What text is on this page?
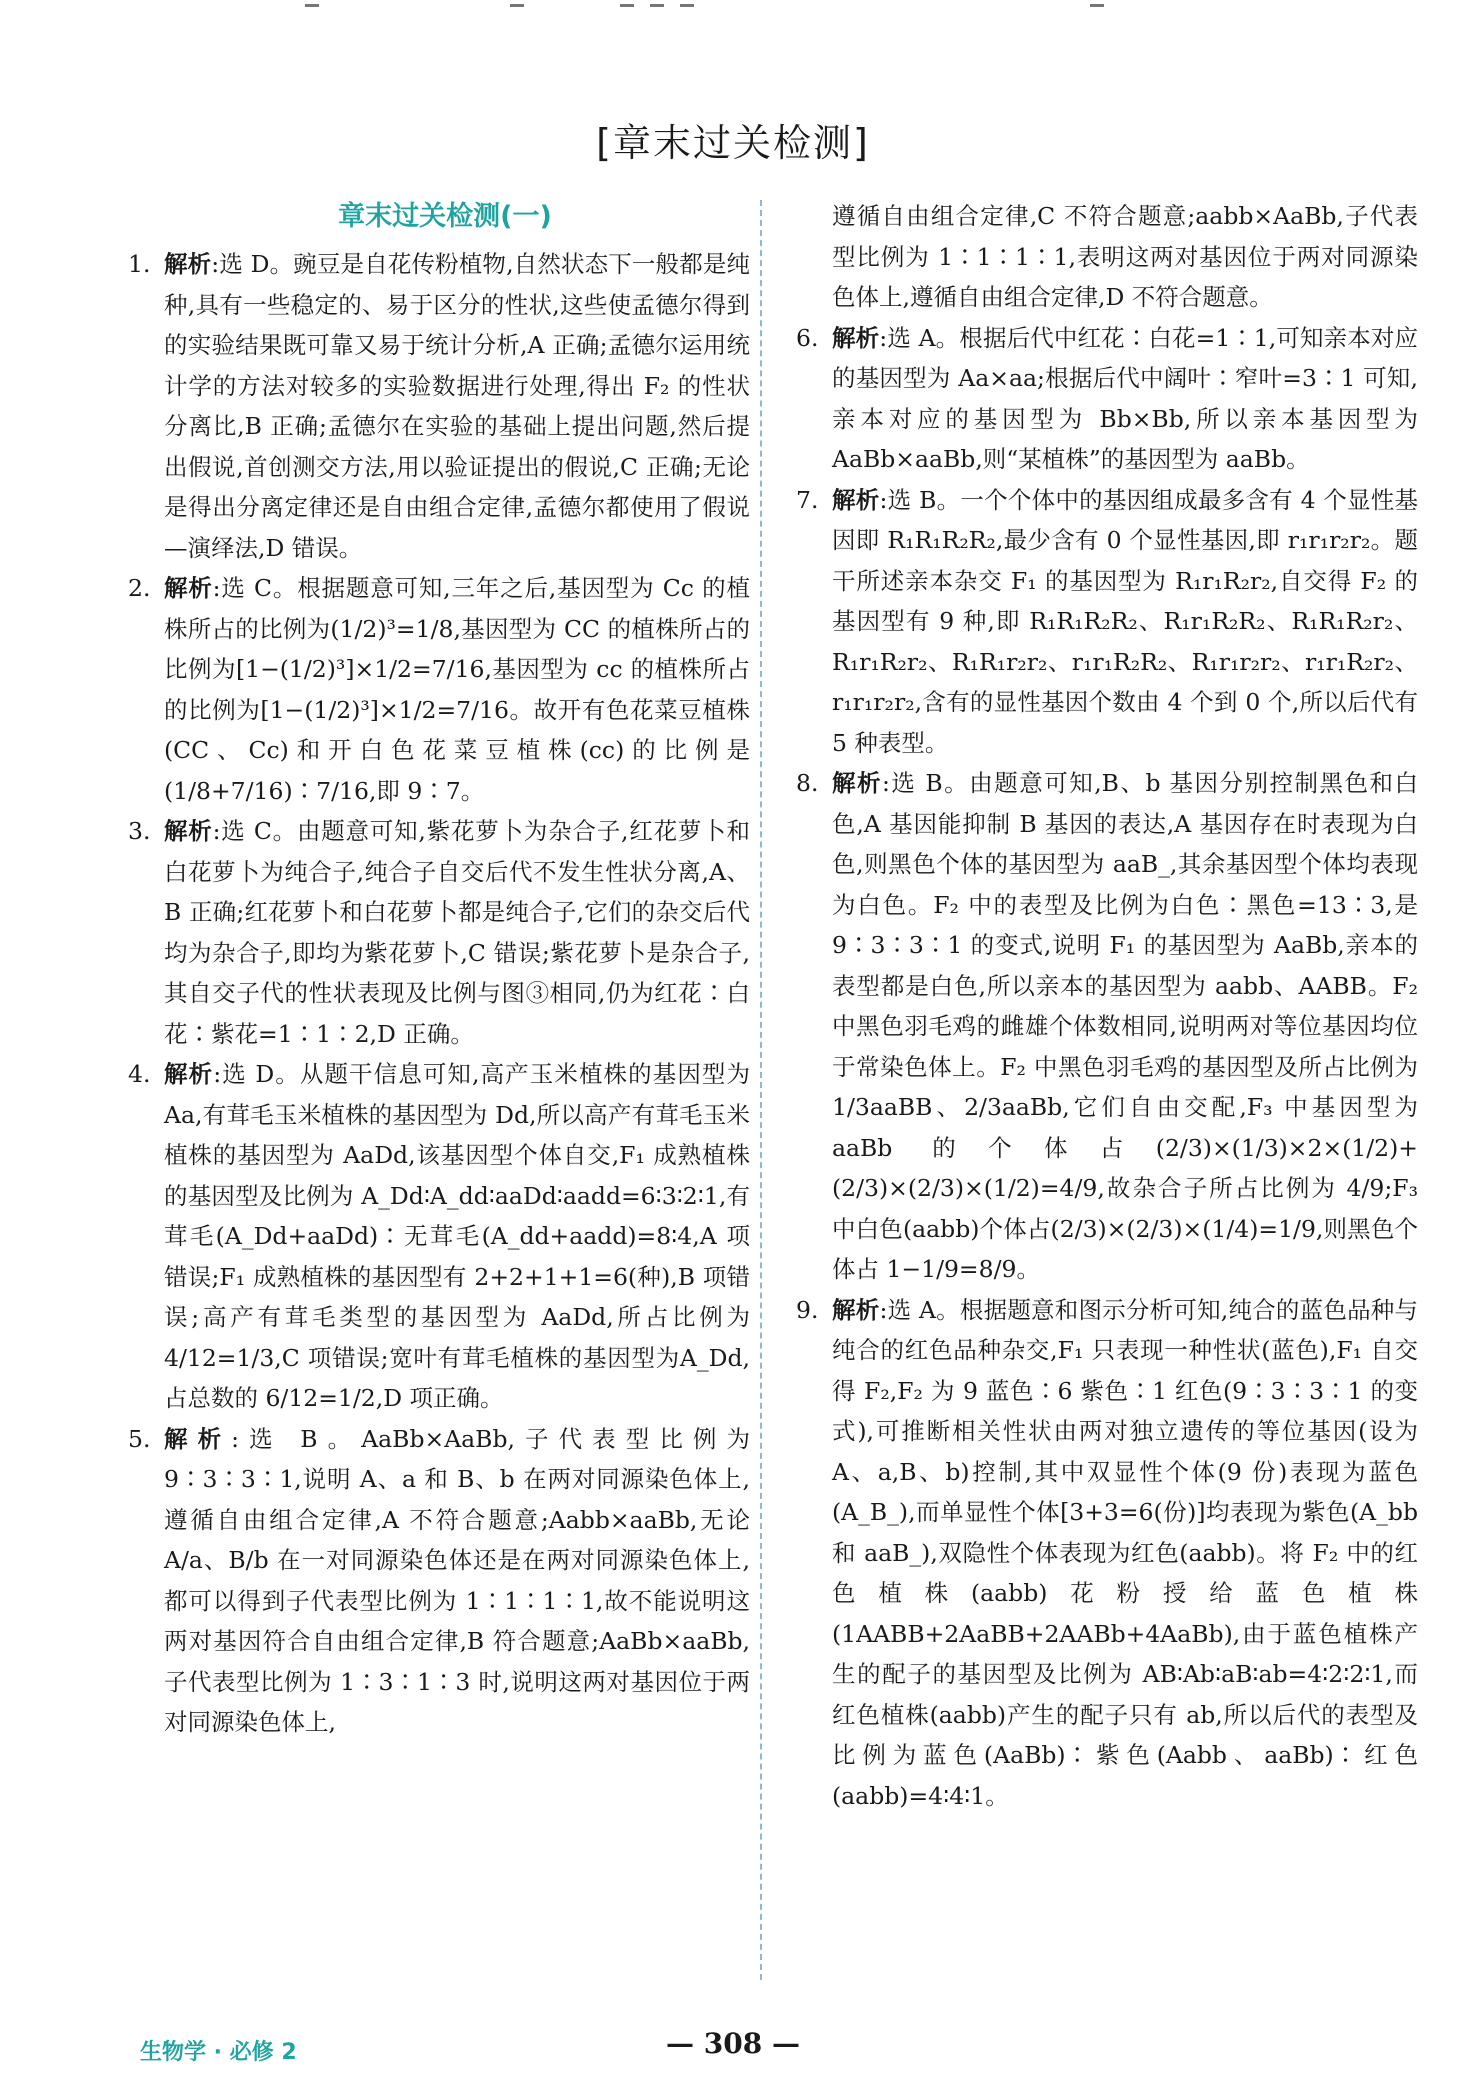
[章末过关检测]
章末过关检测(一)

1. 解析:选 D。豌豆是自花传粉植物,自然状态下一般都是纯种,具有一些稳定的、易于区分的性状,这些使孟德尔得到的实验结果既可靠又易于统计分析,A 正确;孟德尔运用统计学的方法对较多的实验数据进行处理,得出 F₂ 的性状分离比,B 正确;孟德尔在实验的基础上提出问题,然后提出假说,首创测交方法,用以验证提出的假说,C 正确;无论是得出分离定律还是自由组合定律,孟德尔都使用了假说—演绎法,D 错误。

2. 解析:选 C。根据题意可知,三年之后,基因型为 Cc 的植株所占的比例为(1/2)³=1/8,基因型为 CC 的植株所占的比例为[1−(1/2)³]×1/2=7/16,基因型为 cc 的植株所占的比例为[1−(1/2)³]×1/2=7/16。故开有色花菜豆植株(CC、Cc)和开白色花菜豆植株(cc)的比例是(1/8+7/16)∶7/16,即 9∶7。

3. 解析:选 C。由题意可知,紫花萝卜为杂合子,红花萝卜和白花萝卜为纯合子,纯合子自交后代不发生性状分离,A、B 正确;红花萝卜和白花萝卜都是纯合子,它们的杂交后代均为杂合子,即均为紫花萝卜,C 错误;紫花萝卜是杂合子,其自交子代的性状表现及比例与图③相同,仍为红花∶白花∶紫花=1∶1∶2,D 正确。

4. 解析:选 D。从题干信息可知,高产玉米植株的基因型为 Aa,有茸毛玉米植株的基因型为 Dd,所以高产有茸毛玉米植株的基因型为 AaDd,该基因型个体自交,F₁ 成熟植株的基因型及比例为 A_Dd∶A_dd∶aaDd∶aadd=6∶3∶2∶1,有茸毛(A_Dd+aaDd)∶无茸毛(A_dd+aadd)=8∶4,A 项错误;F₁ 成熟植株的基因型有 2+2+1+1=6(种),B 项错误;高产有茸毛类型的基因型为 AaDd,所占比例为 4/12=1/3,C 项错误;宽叶有茸毛植株的基因型为A_Dd,占总数的 6/12=1/2,D 项正确。

5. 解析:选 B。AaBb×AaBb,子代表型比例为 9∶3∶3∶1,说明 A、a 和 B、b 在两对同源染色体上,遵循自由组合定律,A 不符合题意;Aabb×aaBb,无论 A/a、B/b 在一对同源染色体还是在两对同源染色体上,都可以得到子代表型比例为 1∶1∶1∶1,故不能说明这两对基因符合自由组合定律,B 符合题意;AaBb×aaBb,子代表型比例为 1∶3∶1∶3 时,说明这两对基因位于两对同源染色体上,

遵循自由组合定律,C 不符合题意;aabb×AaBb,子代表型比例为 1∶1∶1∶1,表明这两对基因位于两对同源染色体上,遵循自由组合定律,D 不符合题意。

6. 解析:选 A。根据后代中红花∶白花=1∶1,可知亲本对应的基因型为 Aa×aa;根据后代中阔叶∶窄叶=3∶1 可知,亲本对应的基因型为 Bb×Bb,所以亲本基因型为 AaBb×aaBb,则“某植株”的基因型为 aaBb。

7. 解析:选 B。一个个体中的基因组成最多含有 4 个显性基因即 R₁R₁R₂R₂,最少含有 0 个显性基因,即 r₁r₁r₂r₂。题干所述亲本杂交 F₁ 的基因型为 R₁r₁R₂r₂,自交得 F₂ 的基因型有 9 种,即 R₁R₁R₂R₂、R₁r₁R₂R₂、R₁R₁R₂r₂、R₁r₁R₂r₂、R₁R₁r₂r₂、r₁r₁R₂R₂、R₁r₁r₂r₂、r₁r₁R₂r₂、r₁r₁r₂r₂,含有的显性基因个数由 4 个到 0 个,所以后代有 5 种表型。

8. 解析:选 B。由题意可知,B、b 基因分别控制黑色和白色,A 基因能抑制 B 基因的表达,A 基因存在时表现为白色,则黑色个体的基因型为 aaB_,其余基因型个体均表现为白色。F₂ 中的表型及比例为白色∶黑色=13∶3,是 9∶3∶3∶1 的变式,说明 F₁ 的基因型为 AaBb,亲本的表型都是白色,所以亲本的基因型为 aabb、AABB。F₂ 中黑色羽毛鸡的雌雄个体数相同,说明两对等位基因均位于常染色体上。F₂ 中黑色羽毛鸡的基因型及所占比例为1/3aaBB、2/3aaBb,它们自由交配,F₃ 中基因型为 aaBb 的个体占(2/3)×(1/3)×2×(1/2)+(2/3)×(2/3)×(1/2)=4/9,故杂合子所占比例为 4/9;F₃ 中白色(aabb)个体占(2/3)×(2/3)×(1/4)=1/9,则黑色个体占 1−1/9=8/9。

9. 解析:选 A。根据题意和图示分析可知,纯合的蓝色品种与纯合的红色品种杂交,F₁ 只表现一种性状(蓝色),F₁ 自交得 F₂,F₂ 为 9 蓝色∶6 紫色∶1 红色(9∶3∶3∶1 的变式),可推断相关性状由两对独立遗传的等位基因(设为 A、a,B、b)控制,其中双显性个体(9 份)表现为蓝色(A_B_),而单显性个体[3+3=6(份)]均表现为紫色(A_bb 和 aaB_),双隐性个体表现为红色(aabb)。将 F₂ 中的红色植株(aabb)花粉授给蓝色植株(1AABB+2AaBB+2AABb+4AaBb),由于蓝色植株产生的配子的基因型及比例为 AB∶Ab∶aB∶ab=4∶2∶2∶1,而红色植株(aabb)产生的配子只有 ab,所以后代的表型及比例为蓝色(AaBb)∶紫色(Aabb、aaBb)∶红色(aabb)=4∶4∶1。

生物学 · 必修 2	— 308 —
